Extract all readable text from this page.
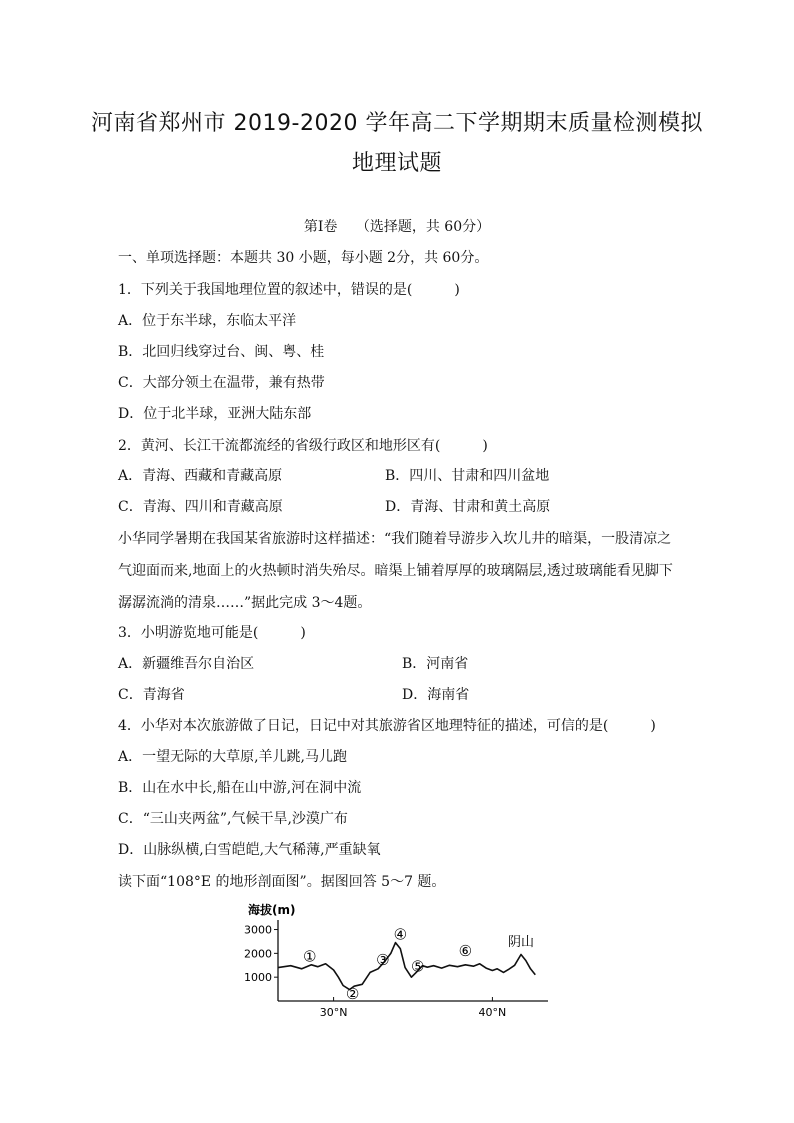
河南省郑州市 2019-2020 学年高二下学期期末质量检测模拟
地理试题
第Ⅰ卷　 （选择题，共 60分）
一、单项选择题：本题共 30 小题，每小题 2分，共 60分。
1．下列关于我国地理位置的叙述中，错误的是(　　　)
A．位于东半球，东临太平洋
B．北回归线穿过台、闽、粤、桂
C．大部分领土在温带，兼有热带
D．位于北半球，亚洲大陆东部
2．黄河、长江干流都流经的省级行政区和地形区有(　　　)
A．青海、西藏和青藏高原	B．四川、甘肃和四川盆地
C．青海、四川和青藏高原	D．青海、甘肃和黄土高原
小华同学暑期在我国某省旅游时这样描述：“我们随着导游步入坎儿井的暗渠，一股清凉之
气迎面而来,地面上的火热顿时消失殆尽。暗渠上铺着厚厚的玻璃隔层,透过玻璃能看见脚下
潺潺流淌的清泉……”据此完成 3～4题。
3．小明游览地可能是(　　　)
A．新疆维吾尔自治区	B．河南省
C．青海省	D．海南省
4．小华对本次旅游做了日记，日记中对其旅游省区地理特征的描述，可信的是(　　　)
A．一望无际的大草原,羊儿跳,马儿跑
B．山在水中长,船在山中游,河在洞中流
C．“三山夹两盆”,气候干旱,沙漠广布
D．山脉纵横,白雪皑皑,大气稀薄,严重缺氧
读下面“108°E 的地形剖面图”。据图回答 5～7 题。
海拔(m)
1000
2000
3000
30°N	40°N
①
②
③
④
⑤
⑥	阴山
